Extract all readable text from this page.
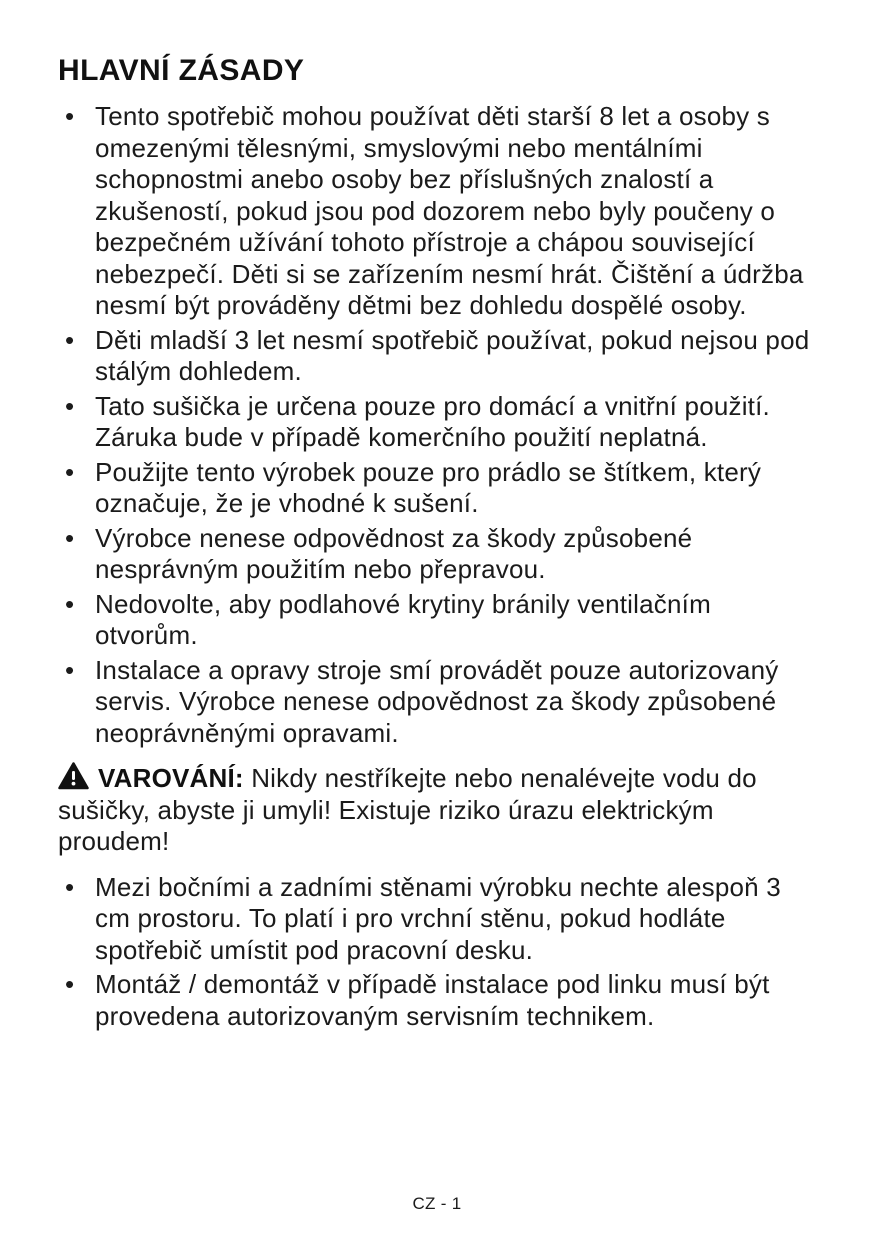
HLAVNÍ ZÁSADY
• Tento spotřebič mohou používat děti starší 8 let a osoby s omezenými tělesnými, smyslovými nebo mentálními schopnostmi anebo osoby bez příslušných znalostí a zkušeností, pokud jsou pod dozorem nebo byly poučeny o bezpečném užívání tohoto přístroje a chápou související nebezpečí. Děti si se zařízením nesmí hrát. Čištění a údržba nesmí být prováděny dětmi bez dohledu dospělé osoby.
• Děti mladší 3 let nesmí spotřebič používat, pokud nejsou pod stálým dohledem.
• Tato sušička je určena pouze pro domácí a vnitřní použití. Záruka bude v případě komerčního použití neplatná.
• Použijte tento výrobek pouze pro prádlo se štítkem, který označuje, že je vhodné k sušení.
• Výrobce nenese odpovědnost za škody způsobené nesprávným použitím nebo přepravou.
• Nedovolte, aby podlahové krytiny bránily ventilačním otvorům.
• Instalace a opravy stroje smí provádět pouze autorizovaný servis. Výrobce nenese odpovědnost za škody způsobené neoprávněnými opravami.

VAROVÁNÍ: Nikdy nestříkejte nebo nenalévejte vodu do sušičky, abyste ji umyli! Existuje riziko úrazu elektrickým proudem!

• Mezi bočními a zadními stěnami výrobku nechte alespoň 3 cm prostoru. To platí i pro vrchní stěnu, pokud hodláte spotřebič umístit pod pracovní desku.
• Montáž / demontáž v případě instalace pod linku musí být provedena autorizovaným servisním technikem.
CZ - 1
